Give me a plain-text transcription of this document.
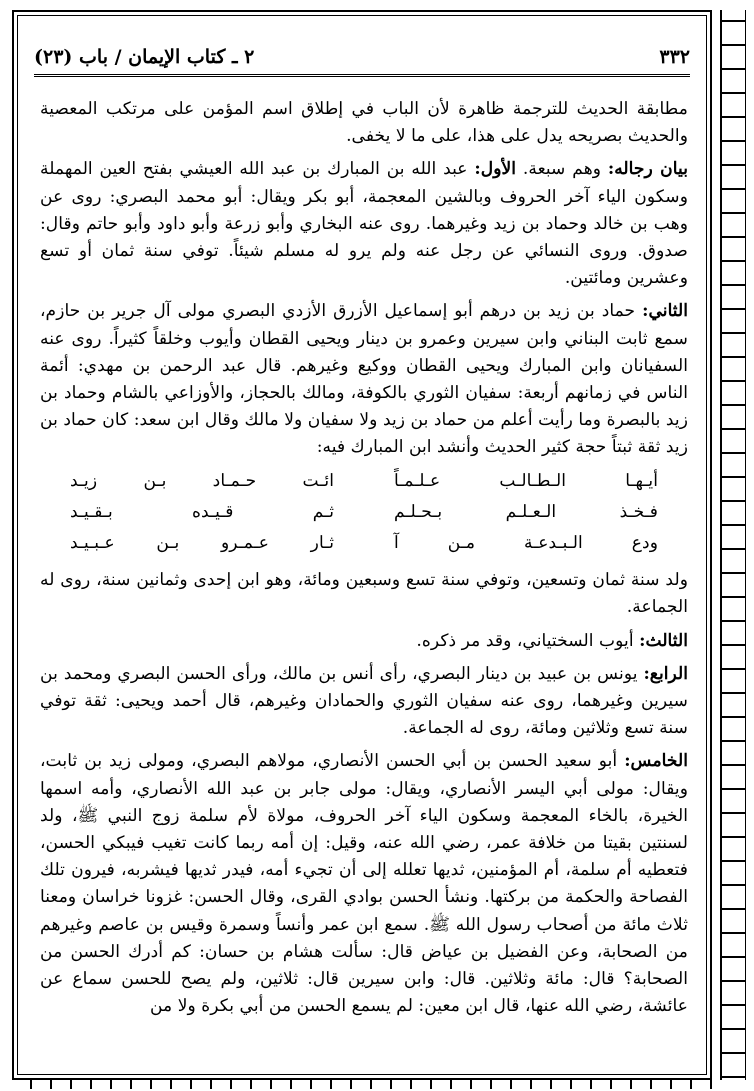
٣٣٢
٢ ـ كتاب الإيمان / باب (٢٣)

مطابقة الحديث للترجمة ظاهرة لأن الباب في إطلاق اسم المؤمن على مرتكب المعصية والحديث بصريحه يدل على هذا، على ما لا يخفى.

بيان رجاله: وهم سبعة. الأول: عبد الله بن المبارك بن عبد الله العيشي بفتح العين المهملة وسكون الياء آخر الحروف وبالشين المعجمة، أبو بكر ويقال: أبو محمد البصري: روى عن وهب بن خالد وحماد بن زيد وغيرهما. روى عنه البخاري وأبو زرعة وأبو داود وأبو حاتم وقال: صدوق. وروى النسائي عن رجل عنه ولم يرو له مسلم شيئاً. توفي سنة ثمان أو تسع وعشرين ومائتين.

الثاني: حماد بن زيد بن درهم أبو إسماعيل الأزرق الأزدي البصري مولى آل جرير بن حازم، سمع ثابت البناني وابن سيرين وعمرو بن دينار ويحيى القطان وأيوب وخلقاً كثيراً. روى عنه السفيانان وابن المبارك ويحيى القطان ووكيع وغيرهم. قال عبد الرحمن بن مهدي: أئمة الناس في زمانهم أربعة: سفيان الثوري بالكوفة، ومالك بالحجاز، والأوزاعي بالشام وحماد بن زيد بالبصرة وما رأيت أعلم من حماد بن زيد ولا سفيان ولا مالك وقال ابن سعد: كان حماد بن زيد ثقة ثبتاً حجة كثير الحديث وأنشد ابن المبارك فيه:

أيـهـا الـطـالـب عـلـمـاً
ائـت حـمـاد بـن زيـد
فـخـذ الـعـلـم بـحـلـم
ثـم قـيـده بـقـيـد
ودع الـبـدعـة مـن آ
ثـار عـمـرو بـن عـبـيـد

ولد سنة ثمان وتسعين، وتوفي سنة تسع وسبعين ومائة، وهو ابن إحدى وثمانين سنة، روى له الجماعة.

الثالث: أيوب السختياني، وقد مر ذكره.

الرابع: يونس بن عبيد بن دينار البصري، رأى أنس بن مالك، ورأى الحسن البصري ومحمد بن سيرين وغيرهما، روى عنه سفيان الثوري والحمادان وغيرهم، قال أحمد ويحيى: ثقة توفي سنة تسع وثلاثين ومائة، روى له الجماعة.

الخامس: أبو سعيد الحسن بن أبي الحسن الأنصاري، مولاهم البصري، ومولى زيد بن ثابت، ويقال: مولى أبي اليسر الأنصاري، ويقال: مولى جابر بن عبد الله الأنصاري، وأمه اسمها الخيرة، بالخاء المعجمة وسكون الياء آخر الحروف، مولاة لأم سلمة زوج النبي ﷺ، ولد لسنتين بقيتا من خلافة عمر، رضي الله عنه، وقيل: إن أمه ربما كانت تغيب فيبكي الحسن، فتعطيه أم سلمة، أم المؤمنين، ثديها تعلله إلى أن تجيء أمه، فيدر ثديها فيشربه، فيرون تلك الفصاحة والحكمة من بركتها. ونشأ الحسن بوادي القرى، وقال الحسن: غزونا خراسان ومعنا ثلاث مائة من أصحاب رسول الله ﷺ. سمع ابن عمر وأنساً وسمرة وقيس بن عاصم وغيرهم من الصحابة، وعن الفضيل بن عياض قال: سألت هشام بن حسان: كم أدرك الحسن من الصحابة؟ قال: مائة وثلاثين. قال: وابن سيرين قال: ثلاثين، ولم يصح للحسن سماع عن عائشة، رضي الله عنها، قال ابن معين: لم يسمع الحسن من أبي بكرة ولا من
